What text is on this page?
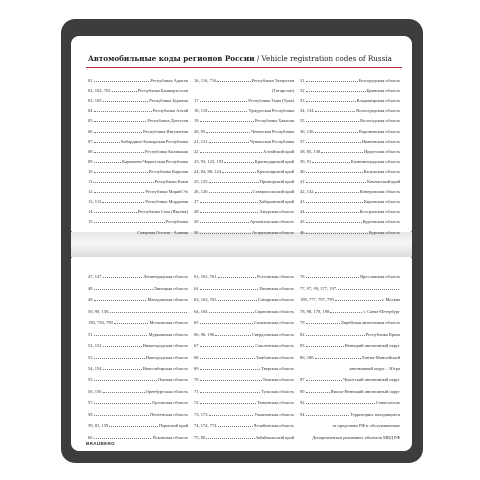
Автомобильные коды регионов России / Vehicle registration codes of Russia
01	Республика Адыгея
02, 102, 702	Республика Башкортостан
03, 103	Республика Бурятия
04	Республика Алтай
05	Республика Дагестан
06	Республика Ингушетия
07	Кабардино-Балкарская Республика
08	Республика Калмыкия
09	Карачаево-Черкесская Республика
10	Республика Карелия
11	Республика Коми
12	Республика Марий Эл
13, 113	Республика Мордовия
14	Республика Саха (Якутия)
15	Республика
Северная Осетия - Алания
16, 116, 716	Республика Татарстан
(Татарстан)
17	Республика Тыва (Тува)
18, 118	Удмуртская Республика
19	Республика Хакасия
20, 95	Чеченская Республика
21, 121	Чувашская Республика
22	Алтайский край
23, 93, 123, 193	Краснодарский край
24, 84, 88, 124	Красноярский край
25, 125	Приморский край
26, 126	Ставропольский край
27	Хабаровский край
28	Амурская область
29	Архангельская область
30	Астраханская область
31	Белгородская область
32	Брянская область
33	Владимирская область
34, 134	Волгоградская область
35	Вологодская область
36, 136	Воронежская область
37	Ивановская область
38, 85, 138	Иркутская область
39, 91	Калининградская область
40	Калужская область
41	Камчатский край
42, 142	Кемеровская область
43	Кировская область
44	Костромская область
45	Курганская область
46	Курская область
47, 147	Ленинградская область
48	Липецкая область
49	Магаданская область
50, 90, 150,
190, 750, 790	Московская область
51	Мурманская область
52, 152	Нижегородская область
53	Новгородская область
54, 154	Новосибирская область
55	Омская область
56, 156	Оренбургская область
57	Орловская область
58	Пензенская область
59, 81, 159	Пермский край
60	Псковская область
61, 161, 761	Ростовская область
62	Рязанская область
63, 163, 763	Самарская область
64, 164	Саратовская область
65	Сахалинская область
66, 96, 196	Свердловская область
67	Смоленская область
68	Тамбовская область
69	Тверская область
70	Томская область
71	Тульская область
72	Тюменская область
73, 173	Ульяновская область
74, 174, 774	Челябинская область
75, 80	Забайкальский край
76	Ярославская область
77, 97, 99, 177, 197,
199, 777, 797, 799	г. Москва
78, 98, 178, 198	г. Санкт-Петербург
79	Еврейская автономная область
82	Республика Крым
83	Ненецкий автономный округ
86, 186	Ханты-Мансийский
автономный округ – Югра
87	Чукотский автономный округ
89	Ямало-Ненецкий автономный округ
92	Севастополь
94	Территории, находящиеся
за пределами РФ и обслуживаемые
Департаментом режимных объектов МВД РФ
BRAUBERG
